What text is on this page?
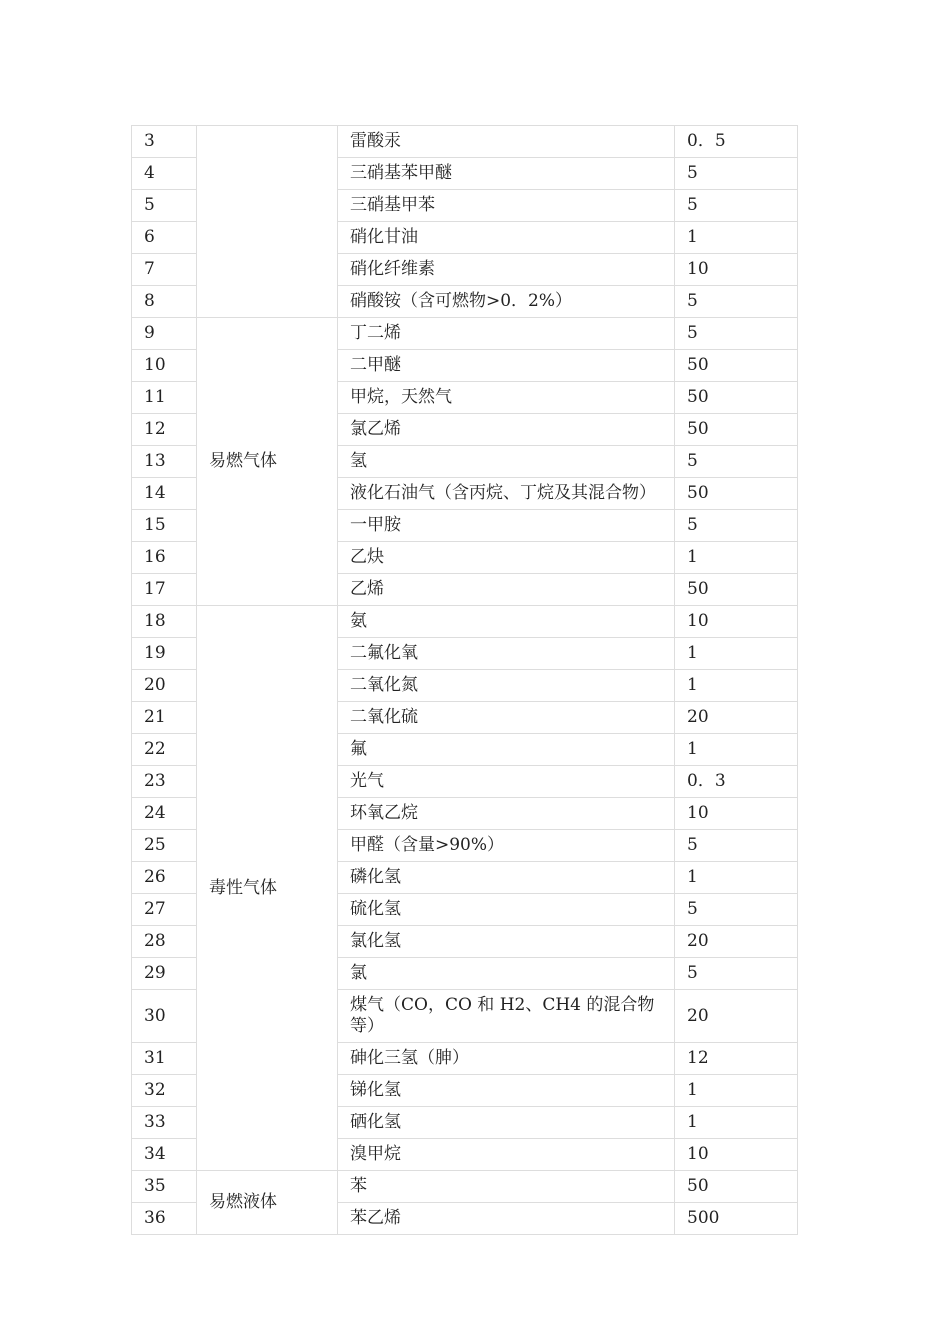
3		雷酸汞	0．5
4		三硝基苯甲醚	5
5		三硝基甲苯	5
6		硝化甘油	1
7		硝化纤维素	10
8		硝酸铵（含可燃物>0．2%）	5
9	易燃气体	丁二烯	5
10		二甲醚	50
11		甲烷，天然气	50
12		氯乙烯	50
13		氢	5
14		液化石油气（含丙烷、丁烷及其混合物）	50
15		一甲胺	5
16		乙炔	1
17		乙烯	50
18	毒性气体	氨	10
19		二氟化氧	1
20		二氧化氮	1
21		二氧化硫	20
22		氟	1
23		光气	0．3
24		环氧乙烷	10
25		甲醛（含量>90%）	5
26		磷化氢	1
27		硫化氢	5
28		氯化氢	20
29		氯	5
30		煤气（CO，CO 和 H2、CH4 的混合物等）	20
31		砷化三氢（胂）	12
32		锑化氢	1
33		硒化氢	1
34		溴甲烷	10
35	易燃液体	苯	50
36		苯乙烯	500
